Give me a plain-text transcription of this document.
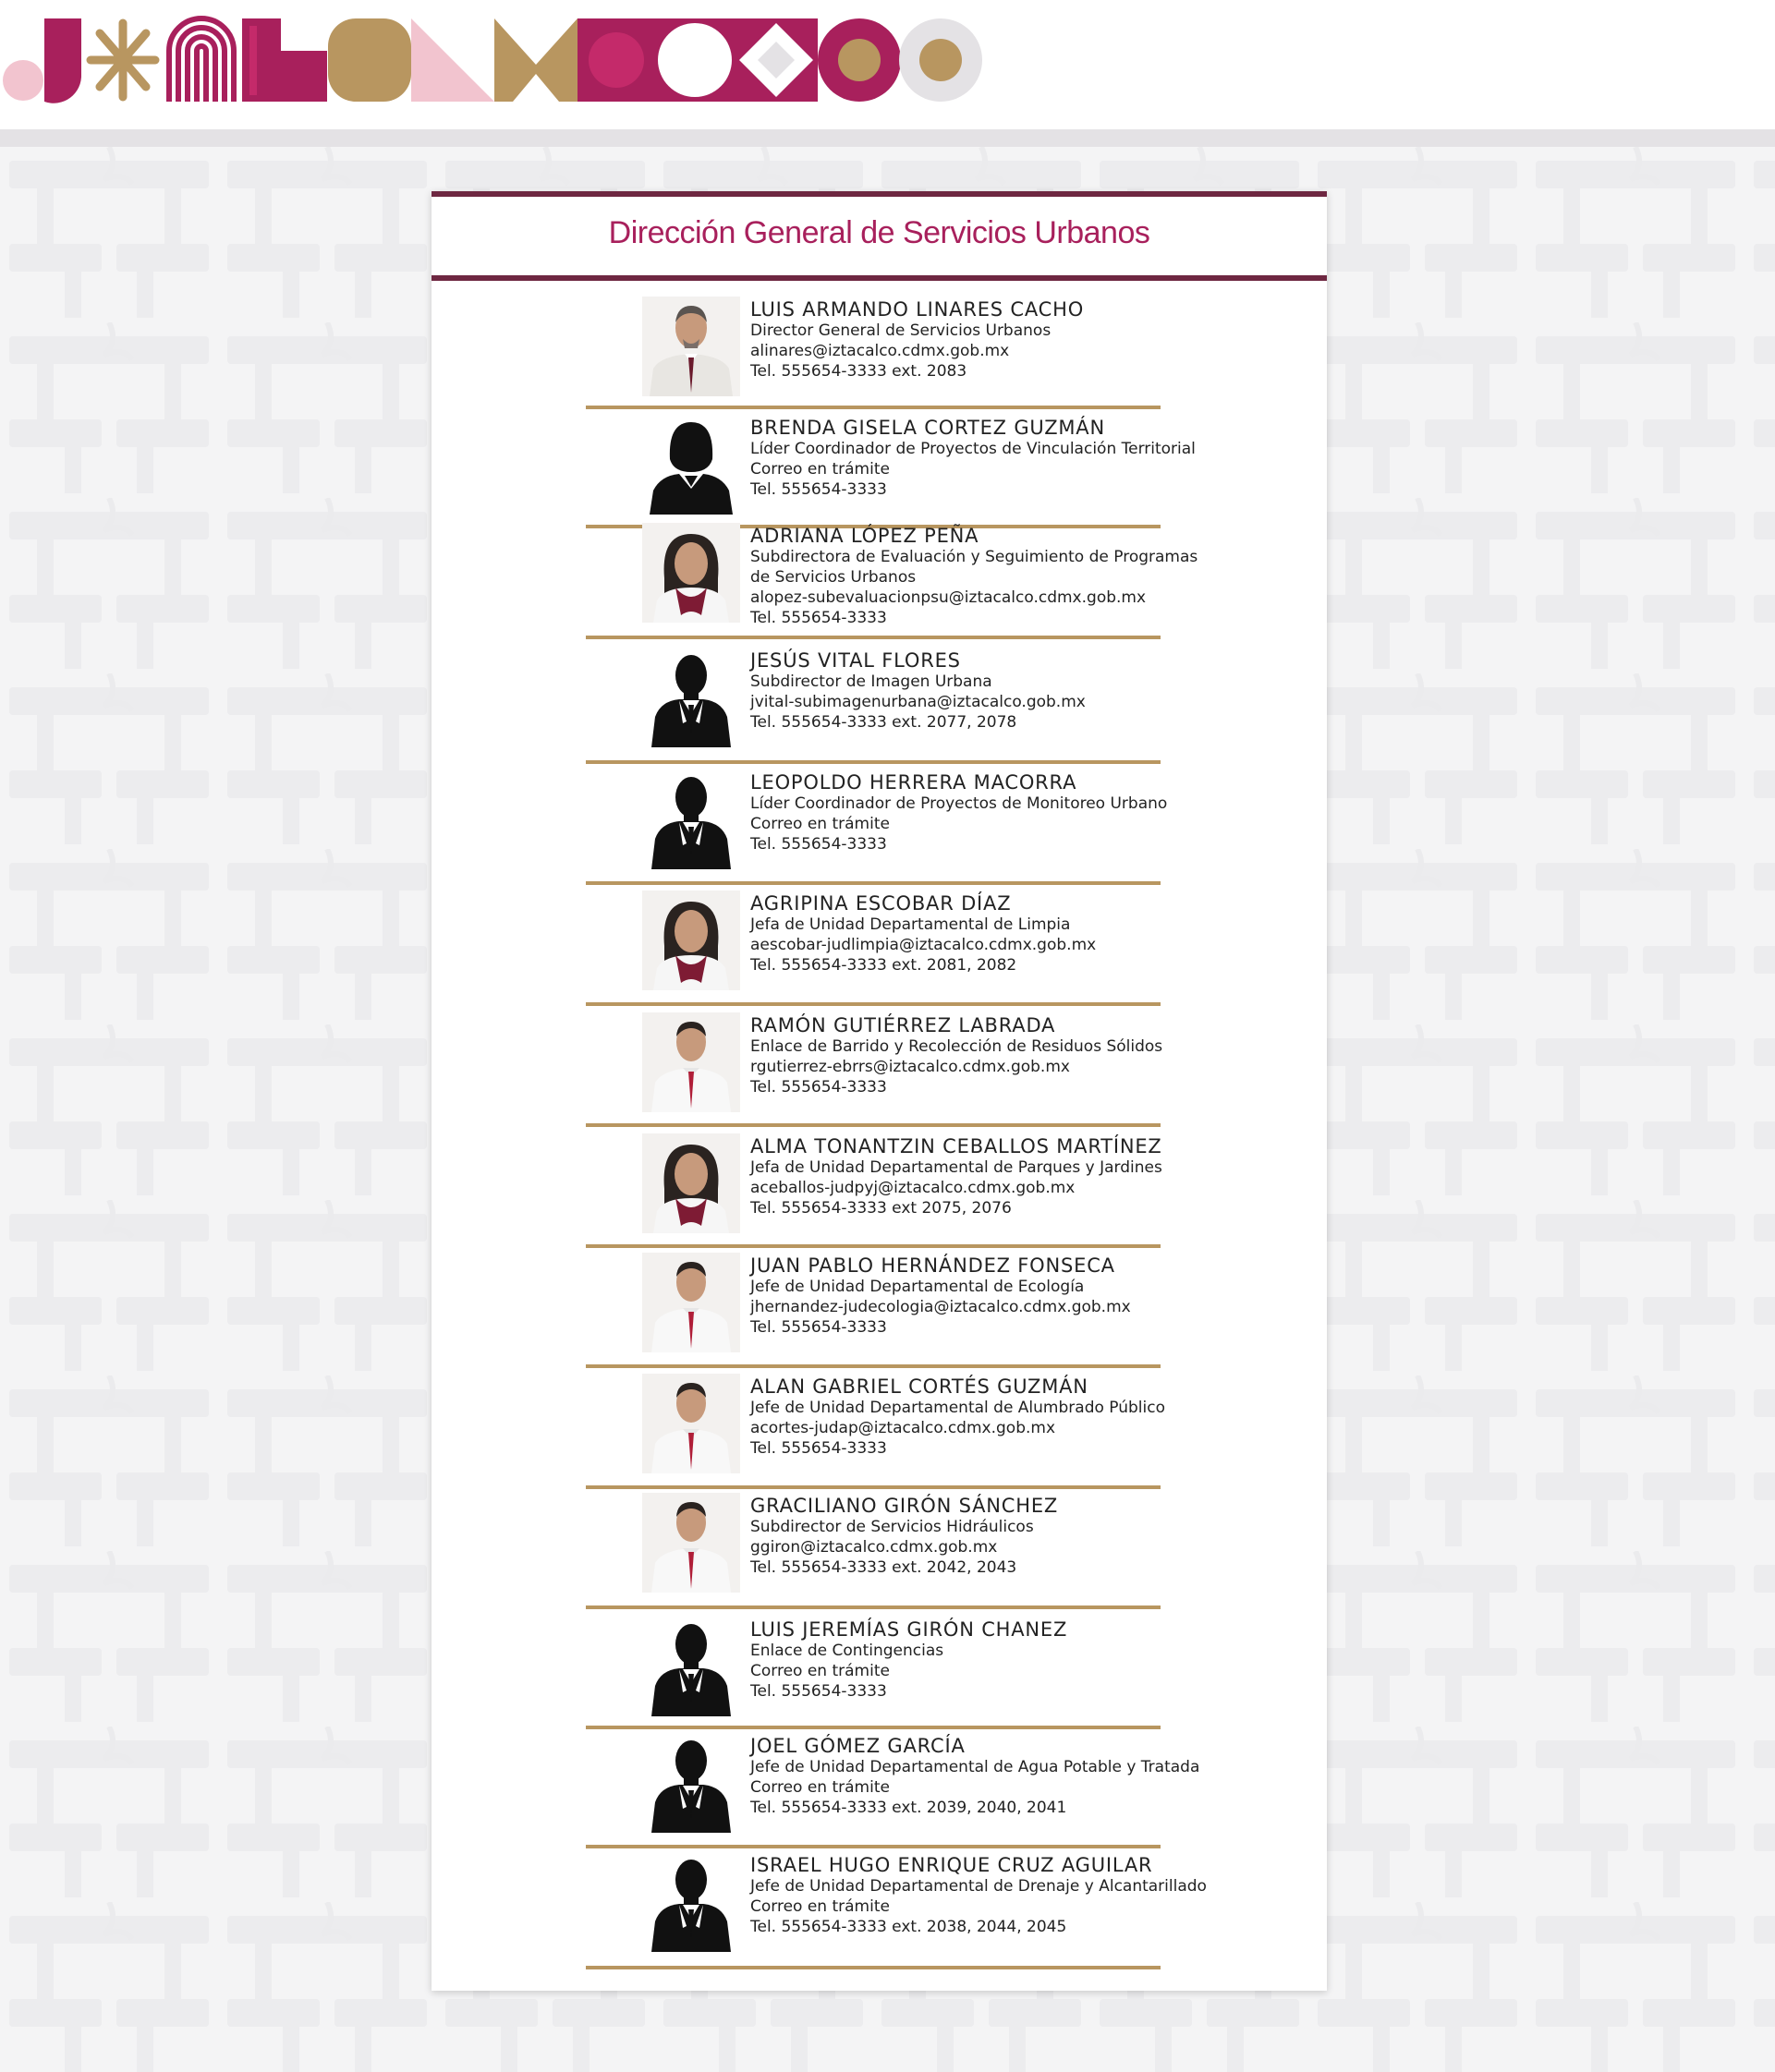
Dirección General de Servicios Urbanos
LUIS ARMANDO LINARES CACHO
Director General de Servicios Urbanos
alinares@iztacalco.cdmx.gob.mx
Tel. 555654-3333 ext. 2083
BRENDA GISELA CORTEZ GUZMÁN
Líder Coordinador de Proyectos de Vinculación Territorial
Correo en trámite
Tel. 555654-3333
ADRIANA LÓPEZ PEÑA
Subdirectora de Evaluación y Seguimiento de Programas
de Servicios Urbanos
alopez-subevaluacionpsu@iztacalco.cdmx.gob.mx
Tel. 555654-3333
JESÚS VITAL FLORES
Subdirector de Imagen Urbana
jvital-subimagenurbana@iztacalco.gob.mx
Tel. 555654-3333 ext. 2077, 2078
LEOPOLDO HERRERA MACORRA
Líder Coordinador de Proyectos de Monitoreo Urbano
Correo en trámite
Tel. 555654-3333
AGRIPINA ESCOBAR DÍAZ
Jefa de Unidad Departamental de Limpia
aescobar-judlimpia@iztacalco.cdmx.gob.mx
Tel. 555654-3333 ext. 2081, 2082
RAMÓN GUTIÉRREZ LABRADA
Enlace de Barrido y Recolección de Residuos Sólidos
rgutierrez-ebrrs@iztacalco.cdmx.gob.mx
Tel. 555654-3333
ALMA TONANTZIN CEBALLOS MARTÍNEZ
Jefa de Unidad Departamental de Parques y Jardines
aceballos-judpyj@iztacalco.cdmx.gob.mx
Tel. 555654-3333 ext 2075, 2076
JUAN PABLO HERNÁNDEZ FONSECA
Jefe de Unidad Departamental de Ecología
jhernandez-judecologia@iztacalco.cdmx.gob.mx
Tel. 555654-3333
ALAN GABRIEL CORTÉS GUZMÁN
Jefe de Unidad Departamental de Alumbrado Público
acortes-judap@iztacalco.cdmx.gob.mx
Tel. 555654-3333
GRACILIANO GIRÓN SÁNCHEZ
Subdirector de Servicios Hidráulicos
ggiron@iztacalco.cdmx.gob.mx
Tel. 555654-3333 ext. 2042, 2043
LUIS JEREMÍAS GIRÓN CHANEZ
Enlace de Contingencias
Correo en trámite
Tel. 555654-3333
JOEL GÓMEZ GARCÍA
Jefe de Unidad Departamental de Agua Potable y Tratada
Correo en trámite
Tel. 555654-3333 ext. 2039, 2040, 2041
ISRAEL HUGO ENRIQUE CRUZ AGUILAR
Jefe de Unidad Departamental de Drenaje y Alcantarillado
Correo en trámite
Tel. 555654-3333 ext. 2038, 2044, 2045
